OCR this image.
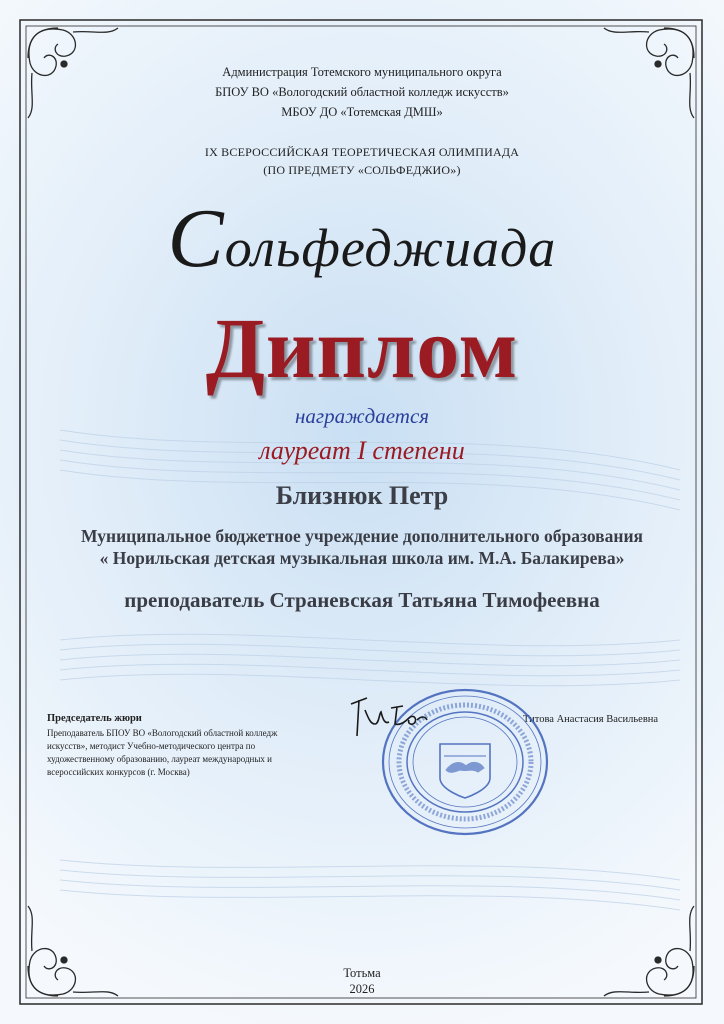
Администрация Тотемского муниципального округа
БПОУ ВО «Вологодский областной колледж искусств»
МБОУ ДО «Тотемская ДМШ»
IX ВСЕРОССИЙСКАЯ ТЕОРЕТИЧЕСКАЯ ОЛИМПИАДА
(ПО ПРЕДМЕТУ «СОЛЬФЕДЖИО»)
Сольфеджиада
Диплом
награждается
лауреат I степени
Близнюк Петр
Муниципальное бюджетное учреждение дополнительного образования
« Норильская детская музыкальная школа им. М.А. Балакирева»
преподаватель Страневская Татьяна Тимофеевна
Председатель жюри
Преподаватель БПОУ ВО «Вологодский областной колледж искусств», методист Учебно-методического центра по художественному образованию, лауреат международных и всероссийских конкурсов (г. Москва)
Титова Анастасия Васильевна
Тотьма
2026
